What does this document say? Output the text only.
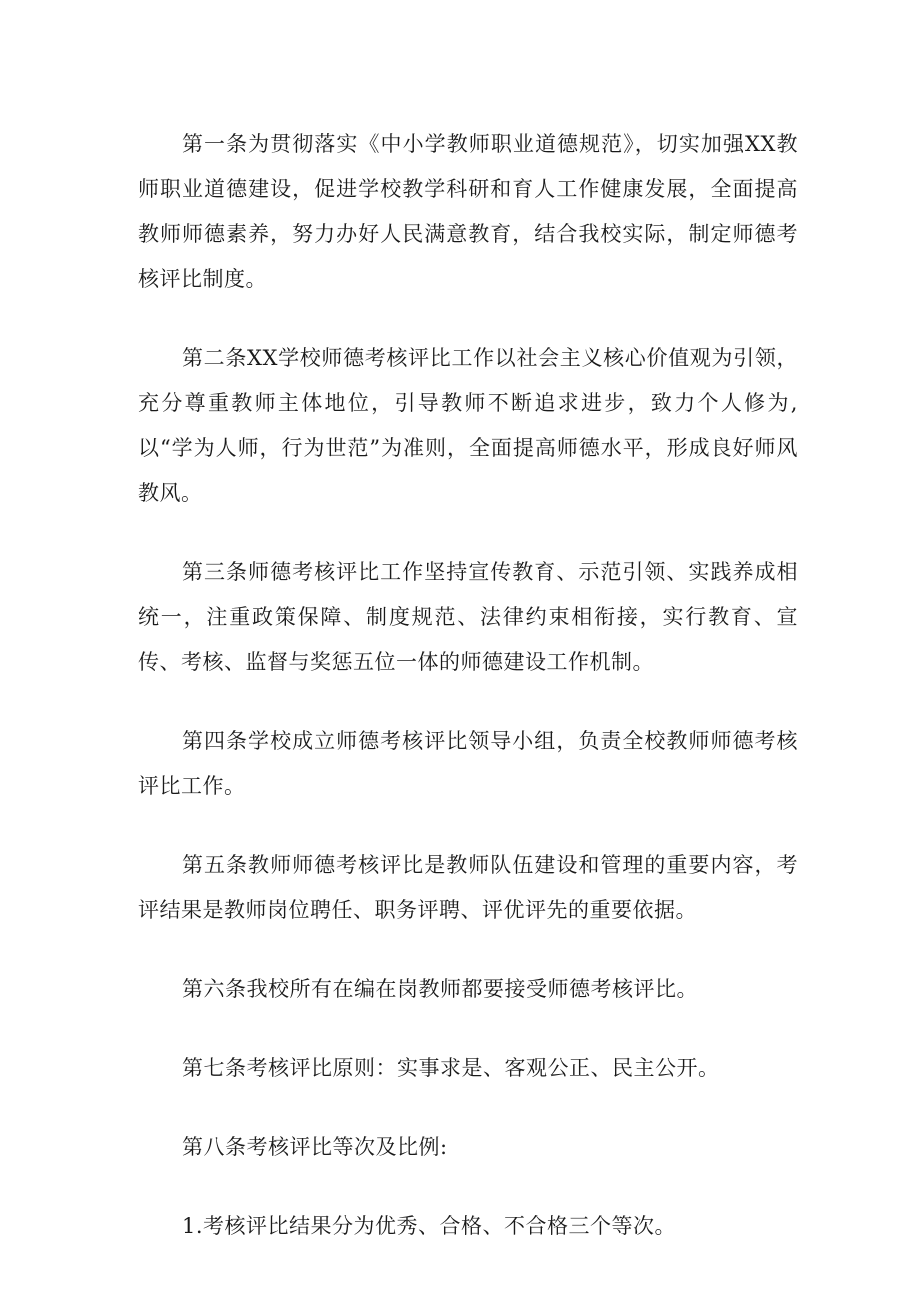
第一条为贯彻落实《中小学教师职业道德规范》，切实加强XX教师职业道德建设，促进学校教学科研和育人工作健康发展，全面提高教师师德素养，努力办好人民满意教育，结合我校实际，制定师德考核评比制度。

第二条XX学校师德考核评比工作以社会主义核心价值观为引领，充分尊重教师主体地位，引导教师不断追求进步，致力个人修为,以“学为人师，行为世范”为准则，全面提高师德水平，形成良好师风教风。

第三条师德考核评比工作坚持宣传教育、示范引领、实践养成相统一，注重政策保障、制度规范、法律约束相衔接，实行教育、宣传、考核、监督与奖惩五位一体的师德建设工作机制。

第四条学校成立师德考核评比领导小组，负责全校教师师德考核评比工作。

第五条教师师德考核评比是教师队伍建设和管理的重要内容，考评结果是教师岗位聘任、职务评聘、评优评先的重要依据。

第六条我校所有在编在岗教师都要接受师德考核评比。

第七条考核评比原则：实事求是、客观公正、民主公开。

第八条考核评比等次及比例:

1.考核评比结果分为优秀、合格、不合格三个等次。
